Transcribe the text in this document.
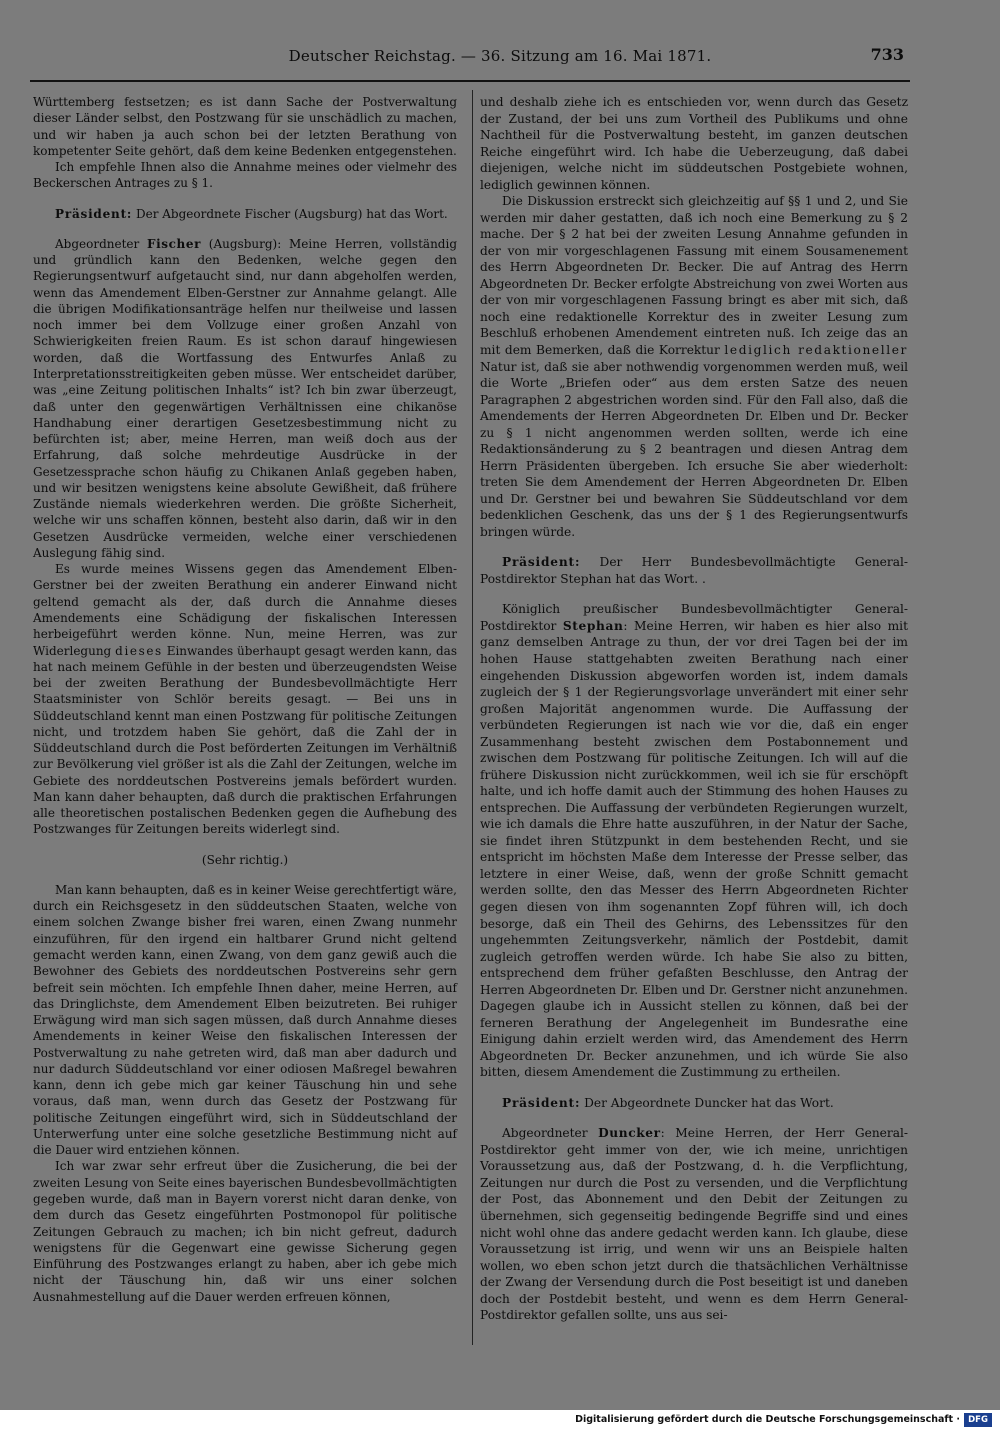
Deutscher Reichstag. — 36. Sitzung am 16. Mai 1871.	733

Württemberg festsetzen; es ist dann Sache der Postverwaltung dieser Länder selbst, den Postzwang für sie unschädlich zu machen, und wir haben ja auch schon bei der letzten Berathung von kompetenter Seite gehört, daß dem keine Bedenken entgegenstehen.

Ich empfehle Ihnen also die Annahme meines oder vielmehr des Beckerschen Antrages zu § 1.

Präsident: Der Abgeordnete Fischer (Augsburg) hat das Wort.

Abgeordneter Fischer (Augsburg): Meine Herren, vollständig und gründlich kann den Bedenken, welche gegen den Regierungsentwurf aufgetaucht sind, nur dann abgeholfen werden, wenn das Amendement Elben-Gerstner zur Annahme gelangt. Alle die übrigen Modifikationsanträge helfen nur theilweise und lassen noch immer bei dem Vollzuge einer großen Anzahl von Schwierigkeiten freien Raum. Es ist schon darauf hingewiesen worden, daß die Wortfassung des Entwurfes Anlaß zu Interpretationsstreitigkeiten geben müsse. Wer entscheidet darüber, was „eine Zeitung politischen Inhalts“ ist? Ich bin zwar überzeugt, daß unter den gegenwärtigen Verhältnissen eine chikanöse Handhabung einer derartigen Gesetzesbestimmung nicht zu befürchten ist; aber, meine Herren, man weiß doch aus der Erfahrung, daß solche mehrdeutige Ausdrücke in der Gesetzessprache schon häufig zu Chikanen Anlaß gegeben haben, und wir besitzen wenigstens keine absolute Gewißheit, daß frühere Zustände niemals wiederkehren werden. Die größte Sicherheit, welche wir uns schaffen können, besteht also darin, daß wir in den Gesetzen Ausdrücke vermeiden, welche einer verschiedenen Auslegung fähig sind.

Es wurde meines Wissens gegen das Amendement Elben-Gerstner bei der zweiten Berathung ein anderer Einwand nicht geltend gemacht als der, daß durch die Annahme dieses Amendements eine Schädigung der fiskalischen Interessen herbeigeführt werden könne. Nun, meine Herren, was zur Widerlegung dieses Einwandes überhaupt gesagt werden kann, das hat nach meinem Gefühle in der besten und überzeugendsten Weise bei der zweiten Berathung der Bundesbevollmächtigte Herr Staatsminister von Schlör bereits gesagt. — Bei uns in Süddeutschland kennt man einen Postzwang für politische Zeitungen nicht, und trotzdem haben Sie gehört, daß die Zahl der in Süddeutschland durch die Post beförderten Zeitungen im Verhältniß zur Bevölkerung viel größer ist als die Zahl der Zeitungen, welche im Gebiete des norddeutschen Postvereins jemals befördert wurden. Man kann daher behaupten, daß durch die praktischen Erfahrungen alle theoretischen postalischen Bedenken gegen die Aufhebung des Postzwanges für Zeitungen bereits widerlegt sind.

(Sehr richtig.)

Man kann behaupten, daß es in keiner Weise gerechtfertigt wäre, durch ein Reichsgesetz in den süddeutschen Staaten, welche von einem solchen Zwange bisher frei waren, einen Zwang nunmehr einzuführen, für den irgend ein haltbarer Grund nicht geltend gemacht werden kann, einen Zwang, von dem ganz gewiß auch die Bewohner des Gebiets des norddeutschen Postvereins sehr gern befreit sein möchten. Ich empfehle Ihnen daher, meine Herren, auf das Dringlichste, dem Amendement Elben beizutreten. Bei ruhiger Erwägung wird man sich sagen müssen, daß durch Annahme dieses Amendements in keiner Weise den fiskalischen Interessen der Postverwaltung zu nahe getreten wird, daß man aber dadurch und nur dadurch Süddeutschland vor einer odiosen Maßregel bewahren kann, denn ich gebe mich gar keiner Täuschung hin und sehe voraus, daß man, wenn durch das Gesetz der Postzwang für politische Zeitungen eingeführt wird, sich in Süddeutschland der Unterwerfung unter eine solche gesetzliche Bestimmung nicht auf die Dauer wird entziehen können.

Ich war zwar sehr erfreut über die Zusicherung, die bei der zweiten Lesung von Seite eines bayerischen Bundesbevollmächtigten gegeben wurde, daß man in Bayern vorerst nicht daran denke, von dem durch das Gesetz eingeführten Postmonopol für politische Zeitungen Gebrauch zu machen; ich bin nicht gefreut, dadurch wenigstens für die Gegenwart eine gewisse Sicherung gegen Einführung des Postzwanges erlangt zu haben, aber ich gebe mich nicht der Täuschung hin, daß wir uns einer solchen Ausnahmestellung auf die Dauer werden erfreuen können,

und deshalb ziehe ich es entschieden vor, wenn durch das Gesetz der Zustand, der bei uns zum Vortheil des Publikums und ohne Nachtheil für die Postverwaltung besteht, im ganzen deutschen Reiche eingeführt wird. Ich habe die Ueberzeugung, daß dabei diejenigen, welche nicht im süddeutschen Postgebiete wohnen, lediglich gewinnen können.

Die Diskussion erstreckt sich gleichzeitig auf §§ 1 und 2, und Sie werden mir daher gestatten, daß ich noch eine Bemerkung zu § 2 mache. Der § 2 hat bei der zweiten Lesung Annahme gefunden in der von mir vorgeschlagenen Fassung mit einem Sousamenement des Herrn Abgeordneten Dr. Becker. Die auf Antrag des Herrn Abgeordneten Dr. Becker erfolgte Abstreichung von zwei Worten aus der von mir vorgeschlagenen Fassung bringt es aber mit sich, daß noch eine redaktionelle Korrektur des in zweiter Lesung zum Beschluß erhobenen Amendement eintreten nuß. Ich zeige das an mit dem Bemerken, daß die Korrektur lediglich redaktioneller Natur ist, daß sie aber nothwendig vorgenommen werden muß, weil die Worte „Briefen oder“ aus dem ersten Satze des neuen Paragraphen 2 abgestrichen worden sind. Für den Fall also, daß die Amendements der Herren Abgeordneten Dr. Elben und Dr. Becker zu § 1 nicht angenommen werden sollten, werde ich eine Redaktionsänderung zu § 2 beantragen und diesen Antrag dem Herrn Präsidenten übergeben. Ich ersuche Sie aber wiederholt: treten Sie dem Amendement der Herren Abgeordneten Dr. Elben und Dr. Gerstner bei und bewahren Sie Süddeutschland vor dem bedenklichen Geschenk, das uns der § 1 des Regierungsentwurfs bringen würde.

Präsident: Der Herr Bundesbevollmächtigte General-Postdirektor Stephan hat das Wort. .

Königlich preußischer Bundesbevollmächtigter General-Postdirektor Stephan: Meine Herren, wir haben es hier also mit ganz demselben Antrage zu thun, der vor drei Tagen bei der im hohen Hause stattgehabten zweiten Berathung nach einer eingehenden Diskussion abgeworfen worden ist, indem damals zugleich der § 1 der Regierungsvorlage unverändert mit einer sehr großen Majorität angenommen wurde. Die Auffassung der verbündeten Regierungen ist nach wie vor die, daß ein enger Zusammenhang besteht zwischen dem Postabonnement und zwischen dem Postzwang für politische Zeitungen. Ich will auf die frühere Diskussion nicht zurückkommen, weil ich sie für erschöpft halte, und ich hoffe damit auch der Stimmung des hohen Hauses zu entsprechen. Die Auffassung der verbündeten Regierungen wurzelt, wie ich damals die Ehre hatte auszuführen, in der Natur der Sache, sie findet ihren Stützpunkt in dem bestehenden Recht, und sie entspricht im höchsten Maße dem Interesse der Presse selber, das letztere in einer Weise, daß, wenn der große Schnitt gemacht werden sollte, den das Messer des Herrn Abgeordneten Richter gegen diesen von ihm sogenannten Zopf führen will, ich doch besorge, daß ein Theil des Gehirns, des Lebenssitzes für den ungehemmten Zeitungsverkehr, nämlich der Postdebit, damit zugleich getroffen werden würde. Ich habe Sie also zu bitten, entsprechend dem früher gefaßten Beschlusse, den Antrag der Herren Abgeordneten Dr. Elben und Dr. Gerstner nicht anzunehmen. Dagegen glaube ich in Aussicht stellen zu können, daß bei der ferneren Berathung der Angelegenheit im Bundesrathe eine Einigung dahin erzielt werden wird, das Amendement des Herrn Abgeordneten Dr. Becker anzunehmen, und ich würde Sie also bitten, diesem Amendement die Zustimmung zu ertheilen.

Präsident: Der Abgeordnete Duncker hat das Wort.

Abgeordneter Duncker: Meine Herren, der Herr General-Postdirektor geht immer von der, wie ich meine, unrichtigen Voraussetzung aus, daß der Postzwang, d. h. die Verpflichtung, Zeitungen nur durch die Post zu versenden, und die Verpflichtung der Post, das Abonnement und den Debit der Zeitungen zu übernehmen, sich gegenseitig bedingende Begriffe sind und eines nicht wohl ohne das andere gedacht werden kann. Ich glaube, diese Voraussetzung ist irrig, und wenn wir uns an Beispiele halten wollen, wo eben schon jetzt durch die thatsächlichen Verhältnisse der Zwang der Versendung durch die Post beseitigt ist und daneben doch der Postdebit besteht, und wenn es dem Herrn General-Postdirektor gefallen sollte, uns aus sei-

Digitalisierung gefördert durch die Deutsche Forschungsgemeinschaft · DFG
